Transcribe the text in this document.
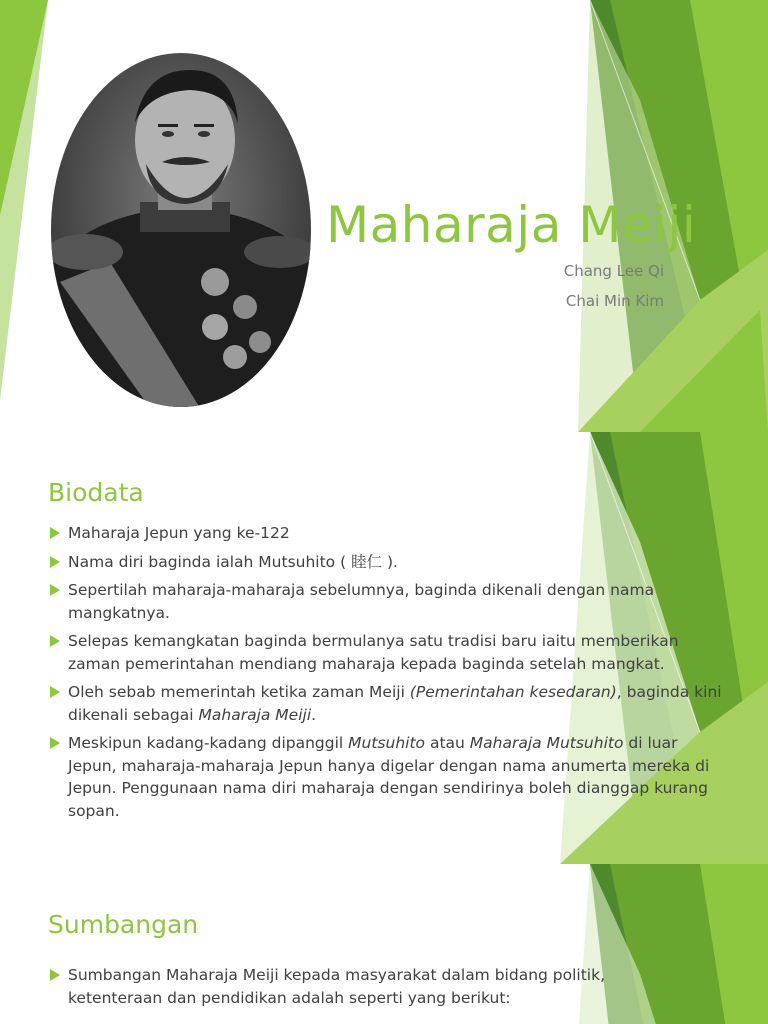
Maharaja Meiji
Chang Lee Qi
Chai Min Kim
Biodata
Maharaja Jepun yang ke-122
Nama diri baginda ialah Mutsuhito ( 睦仁 ).
Sepertilah maharaja-maharaja sebelumnya, baginda dikenali dengan nama mangkatnya.
Selepas kemangkatan baginda bermulanya satu tradisi baru iaitu memberikan zaman pemerintahan mendiang maharaja kepada baginda setelah mangkat.
Oleh sebab memerintah ketika zaman Meiji (Pemerintahan kesedaran), baginda kini dikenali sebagai Maharaja Meiji.
Meskipun kadang-kadang dipanggil Mutsuhito atau Maharaja Mutsuhito di luar Jepun, maharaja-maharaja Jepun hanya digelar dengan nama anumerta mereka di Jepun. Penggunaan nama diri maharaja dengan sendirinya boleh dianggap kurang sopan.
Sumbangan
Sumbangan Maharaja Meiji kepada masyarakat dalam bidang politik, ketenteraan dan pendidikan adalah seperti yang berikut:
